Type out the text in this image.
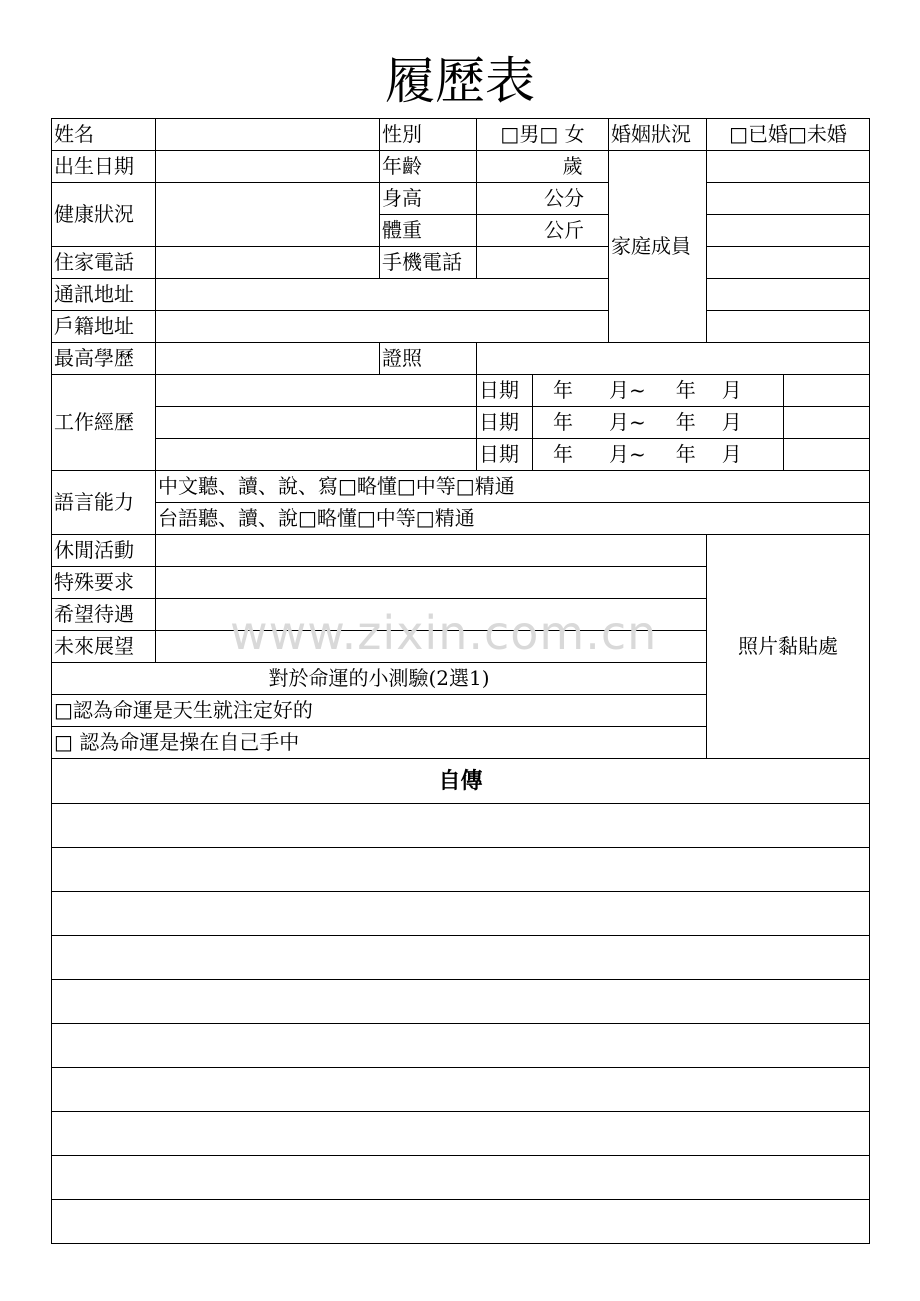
履歷表
姓名		性別	□男□ 女		婚姻狀況	□已婚□未婚	
出生日期		年齡	歲		家庭成員		
健康狀況		身高	公分				
		體重	公斤				
住家電話		手機電話					
通訊地址							
戶籍地址							
最高學歷		證照					
工作經歷			日期	年 月~ 年 月			
			日期	年 月~ 年 月			
			日期	年 月~ 年 月			
語言能力	中文聽、讀、說、寫□略懂□中等□精通						
	台語聽、讀、說□略懂□中等□精通						
休閒活動						照片黏貼處	
特殊要求							
希望待遇							
未來展望							
對於命運的小測驗(2選1)							
□認為命運是天生就注定好的							
□ 認為命運是操在自己手中							
自傳							

www.zixin.com.cn
